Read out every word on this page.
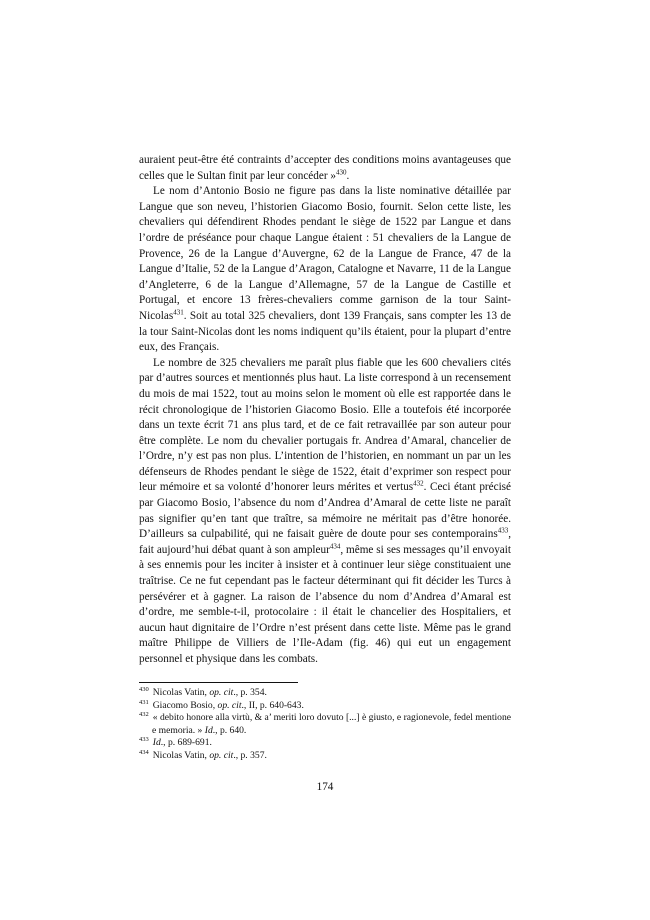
auraient peut-être été contraints d’accepter des conditions moins avantageuses que celles que le Sultan finit par leur concéder »$^{430}$.

Le nom d’Antonio Bosio ne figure pas dans la liste nominative détaillée par Langue que son neveu, l’historien Giacomo Bosio, fournit. Selon cette liste, les chevaliers qui défendirent Rhodes pendant le siège de 1522 par Langue et dans l’ordre de préséance pour chaque Langue étaient : 51 chevaliers de la Langue de Provence, 26 de la Langue d’Auvergne, 62 de la Langue de France, 47 de la Langue d’Italie, 52 de la Langue d’Aragon, Catalogne et Navarre, 11 de la Langue d’Angleterre, 6 de la Langue d’Allemagne, 57 de la Langue de Castille et Portugal, et encore 13 frères-chevaliers comme garnison de la tour Saint-Nicolas$^{431}$. Soit au total 325 chevaliers, dont 139 Français, sans compter les 13 de la tour Saint-Nicolas dont les noms indiquent qu’ils étaient, pour la plupart d’entre eux, des Français.

Le nombre de 325 chevaliers me paraît plus fiable que les 600 chevaliers cités par d’autres sources et mentionnés plus haut. La liste correspond à un recensement du mois de mai 1522, tout au moins selon le moment où elle est rapportée dans le récit chronologique de l’historien Giacomo Bosio. Elle a toutefois été incorporée dans un texte écrit 71 ans plus tard, et de ce fait retravaillée par son auteur pour être complète. Le nom du chevalier portugais fr. Andrea d’Amaral, chancelier de l’Ordre, n’y est pas non plus. L’intention de l’historien, en nommant un par un les défenseurs de Rhodes pendant le siège de 1522, était d’exprimer son respect pour leur mémoire et sa volonté d’honorer leurs mérites et vertus$^{432}$. Ceci étant précisé par Giacomo Bosio, l’absence du nom d’Andrea d’Amaral de cette liste ne paraît pas signifier qu’en tant que traître, sa mémoire ne méritait pas d’être honorée. D’ailleurs sa culpabilité, qui ne faisait guère de doute pour ses contemporains$^{433}$, fait aujourd’hui débat quant à son ampleur$^{434}$, même si ses messages qu’il envoyait à ses ennemis pour les inciter à insister et à continuer leur siège constituaient une traîtrise. Ce ne fut cependant pas le facteur déterminant qui fit décider les Turcs à persévérer et à gagner. La raison de l’absence du nom d’Andrea d’Amaral est d’ordre, me semble-t-il, protocolaire : il était le chancelier des Hospitaliers, et aucun haut dignitaire de l’Ordre n’est présent dans cette liste. Même pas le grand maître Philippe de Villiers de l’Ile-Adam (fig. 46) qui eut un engagement personnel et physique dans les combats.

$^{430}$ Nicolas Vatin, op. cit., p. 354.
$^{431}$ Giacomo Bosio, op. cit., II, p. 640-643.
$^{432}$ « debito honore alla virtù, & a’ meriti loro dovuto [...] è giusto, e ragionevole, fedel mentione e memoria. » Id., p. 640.
$^{433}$ Id., p. 689-691.
$^{434}$ Nicolas Vatin, op. cit., p. 357.
174
